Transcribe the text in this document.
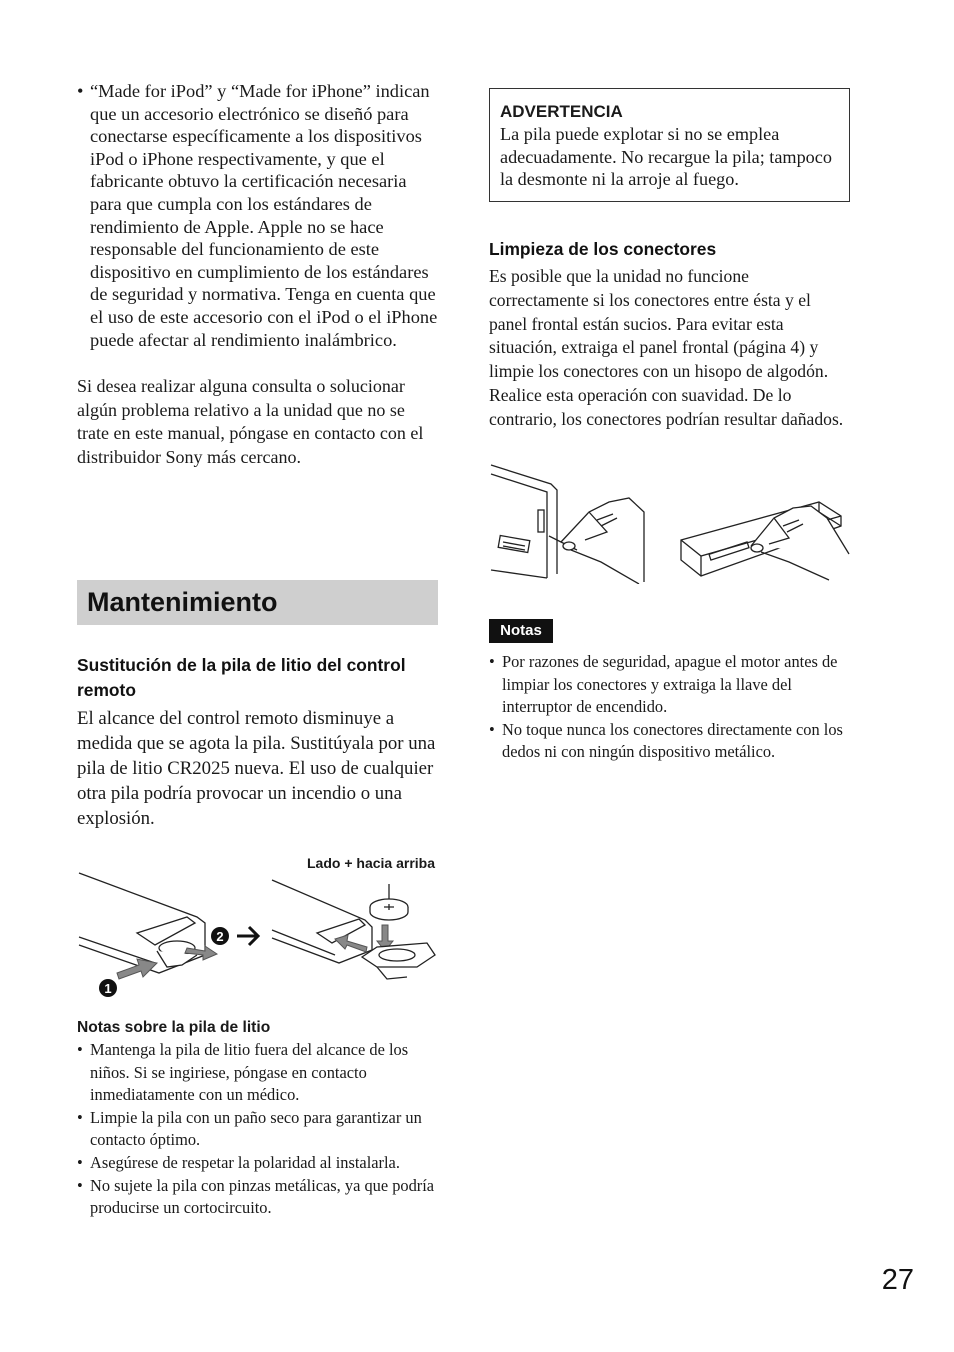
• “Made for iPod” y “Made for iPhone” indican que un accesorio electrónico se diseñó para conectarse específicamente a los dispositivos iPod o iPhone respectivamente, y que el fabricante obtuvo la certificación necesaria para que cumpla con los estándares de rendimiento de Apple. Apple no se hace responsable del funcionamiento de este dispositivo en cumplimiento de los estándares de seguridad y normativa. Tenga en cuenta que el uso de este accesorio con el iPod o el iPhone puede afectar al rendimiento inalámbrico.

Si desea realizar alguna consulta o solucionar algún problema relativo a la unidad que no se trate en este manual, póngase en contacto con el distribuidor Sony más cercano.

Mantenimiento
Sustitución de la pila de litio del control remoto

El alcance del control remoto disminuye a medida que se agota la pila. Sustitúyala por una pila de litio CR2025 nueva. El uso de cualquier otra pila podría provocar un incendio o una explosión.

Lado + hacia arriba
1
2
Notas sobre la pila de litio
• Mantenga la pila de litio fuera del alcance de los niños. Si se ingiriese, póngase en contacto inmediatamente con un médico.
• Limpie la pila con un paño seco para garantizar un contacto óptimo.
• Asegúrese de respetar la polaridad al instalarla.
• No sujete la pila con pinzas metálicas, ya que podría producirse un cortocircuito.

ADVERTENCIA

La pila puede explotar si no se emplea adecuadamente. No recargue la pila; tampoco la desmonte ni la arroje al fuego.

Limpieza de los conectores

Es posible que la unidad no funcione correctamente si los conectores entre ésta y el panel frontal están sucios. Para evitar esta situación, extraiga el panel frontal (página 4) y limpie los conectores con un hisopo de algodón. Realice esta operación con suavidad. De lo contrario, los conectores podrían resultar dañados.

Notas
• Por razones de seguridad, apague el motor antes de limpiar los conectores y extraiga la llave del interruptor de encendido.
• No toque nunca los conectores directamente con los dedos ni con ningún dispositivo metálico.
27
